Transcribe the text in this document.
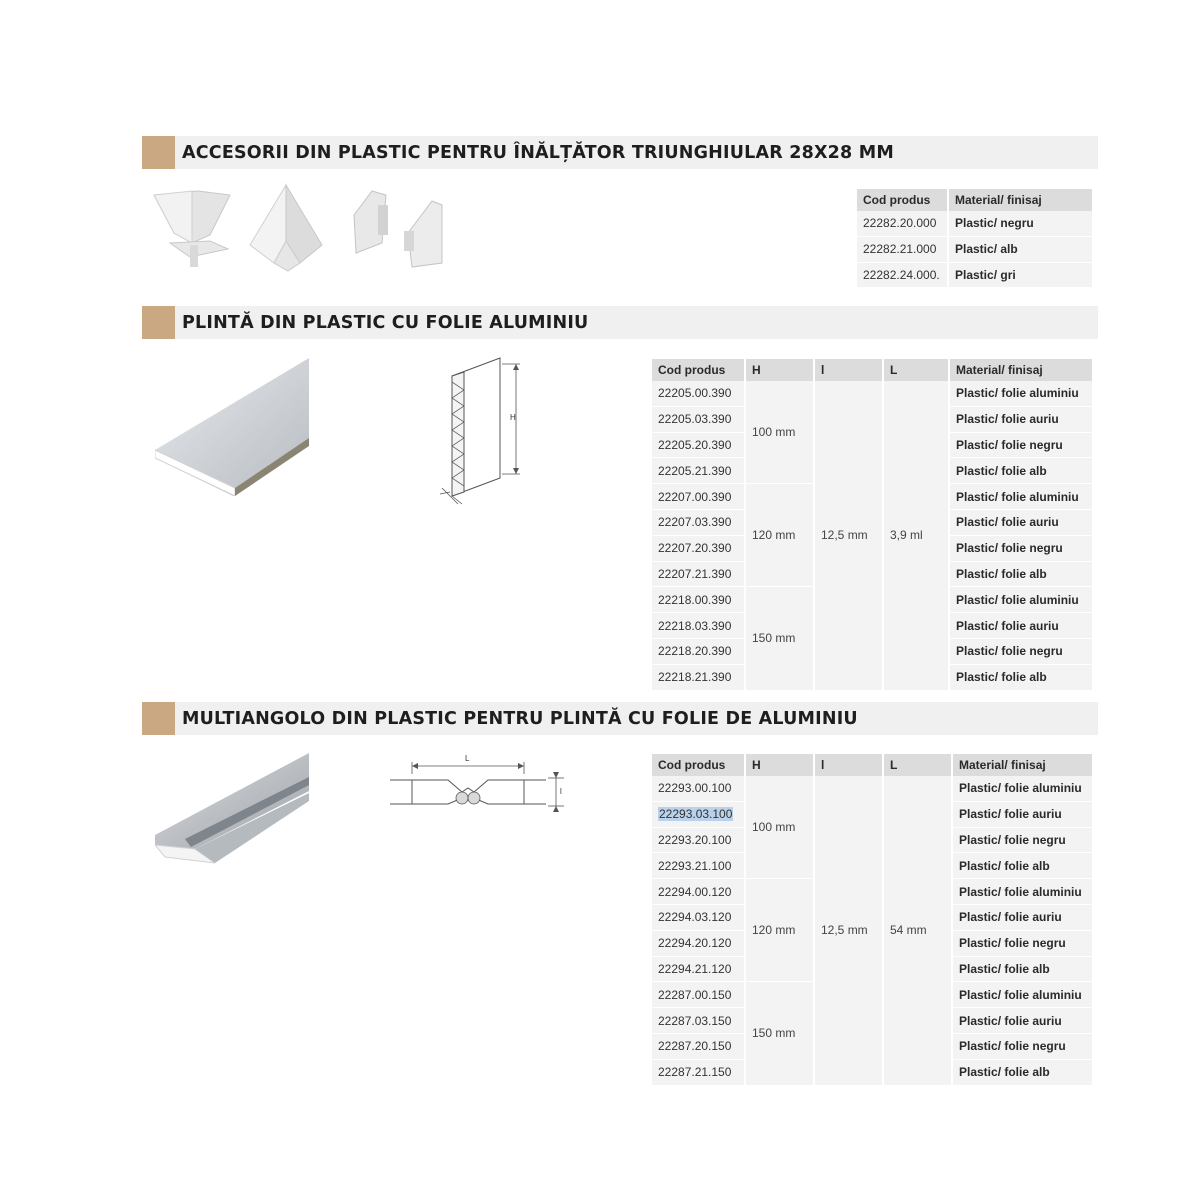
ACCESORII DIN PLASTIC PENTRU ÎNĂLȚĂTOR TRIUNGHIULAR 28X28 MM
Cod produs	Material/ finisaj
22282.20.000	Plastic/ negru
22282.21.000	Plastic/ alb
22282.24.000.	Plastic/ gri
PLINTĂ DIN PLASTIC CU FOLIE ALUMINIU
H
Cod produs	H	l	L	Material/ finisaj
22205.00.390	100 mm	12,5 mm	3,9 ml	Plastic/ folie aluminiu
22205.03.390				Plastic/ folie auriu
22205.20.390				Plastic/ folie negru
22205.21.390				Plastic/ folie alb
22207.00.390	120 mm			Plastic/ folie aluminiu
22207.03.390				Plastic/ folie auriu
22207.20.390				Plastic/ folie negru
22207.21.390				Plastic/ folie alb
22218.00.390	150 mm			Plastic/ folie aluminiu
22218.03.390				Plastic/ folie auriu
22218.20.390				Plastic/ folie negru
22218.21.390				Plastic/ folie alb
MULTIANGOLO DIN PLASTIC PENTRU PLINTĂ CU FOLIE DE ALUMINIU
L
l
Cod produs	H	l	L	Material/ finisaj
22293.00.100	100 mm	12,5 mm	54 mm	Plastic/ folie aluminiu
22293.03.100				Plastic/ folie auriu
22293.20.100				Plastic/ folie negru
22293.21.100				Plastic/ folie alb
22294.00.120	120 mm			Plastic/ folie aluminiu
22294.03.120				Plastic/ folie auriu
22294.20.120				Plastic/ folie negru
22294.21.120				Plastic/ folie alb
22287.00.150	150 mm			Plastic/ folie aluminiu
22287.03.150				Plastic/ folie auriu
22287.20.150				Plastic/ folie negru
22287.21.150				Plastic/ folie alb
